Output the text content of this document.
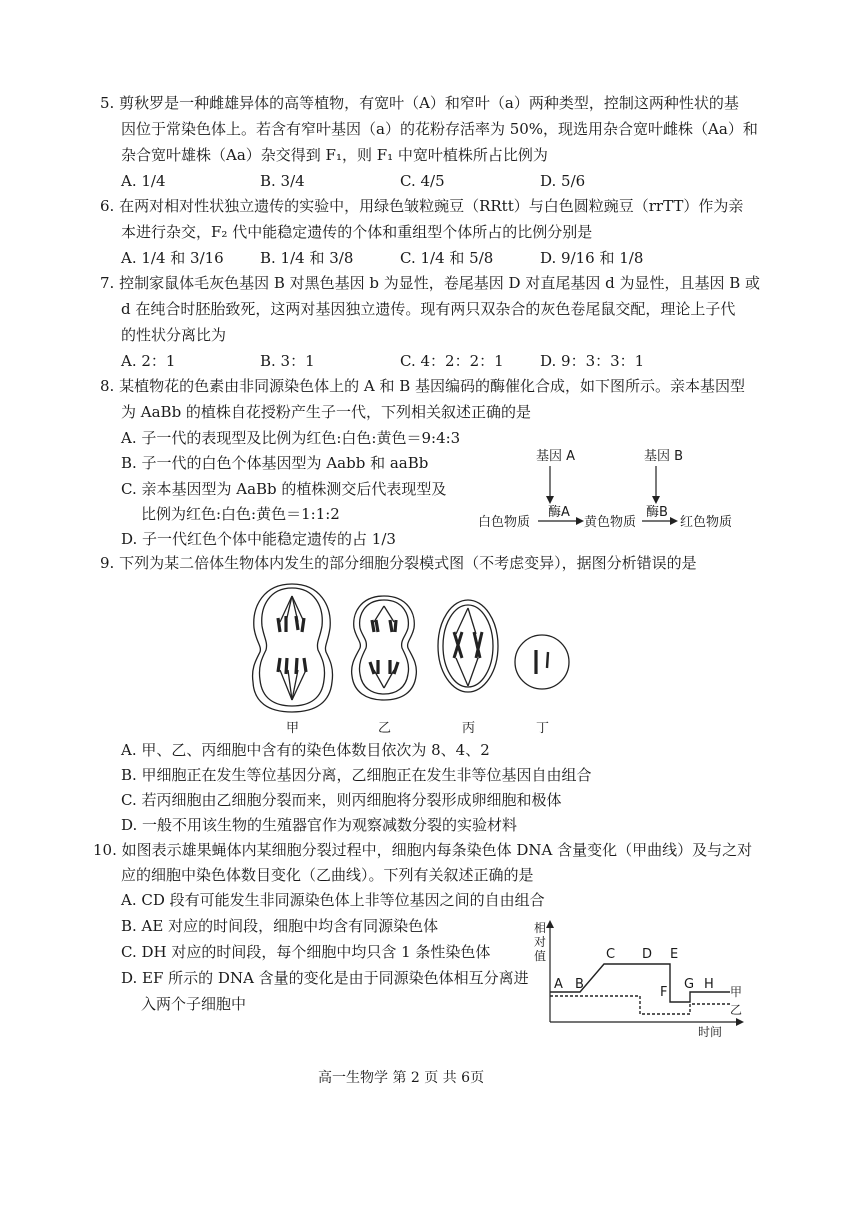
5. 剪秋罗是一种雌雄异体的高等植物，有宽叶（A）和窄叶（a）两种类型，控制这两种性状的基
因位于常染色体上。若含有窄叶基因（a）的花粉存活率为 50%，现选用杂合宽叶雌株（Aa）和
杂合宽叶雄株（Aa）杂交得到 F₁，则 F₁ 中宽叶植株所占比例为
A. 1/4	B. 3/4	C. 4/5	D. 5/6
6. 在两对相对性状独立遗传的实验中，用绿色皱粒豌豆（RRtt）与白色圆粒豌豆（rrTT）作为亲
本进行杂交，F₂ 代中能稳定遗传的个体和重组型个体所占的比例分别是
A. 1/4 和 3/16 B. 1/4 和 3/8	C. 1/4 和 5/8	D. 9/16 和 1/8
7. 控制家鼠体毛灰色基因 B 对黑色基因 b 为显性，卷尾基因 D 对直尾基因 d 为显性，且基因 B 或
d 在纯合时胚胎致死，这两对基因独立遗传。现有两只双杂合的灰色卷尾鼠交配，理论上子代
的性状分离比为
A. 2：1	B. 3：1	C. 4：2：2：1 D. 9：3：3：1
8. 某植物花的色素由非同源染色体上的 A 和 B 基因编码的酶催化合成，如下图所示。亲本基因型
为 AaBb 的植株自花授粉产生子一代，下列相关叙述正确的是
A. 子一代的表现型及比例为红色:白色:黄色＝9:4:3
B. 子一代的白色个体基因型为 Aabb 和 aaBb
C. 亲本基因型为 AaBb 的植株测交后代表现型及
比例为红色:白色:黄色＝1:1:2
D. 子一代红色个体中能稳定遗传的占 1/3
基因 A	基因 B
白色物质
酶A
黄色物质
酶B
红色物质
9. 下列为某二倍体生物体内发生的部分细胞分裂模式图（不考虑变异），据图分析错误的是
甲	乙	丙	丁
A. 甲、乙、丙细胞中含有的染色体数目依次为 8、4、2
B. 甲细胞正在发生等位基因分离，乙细胞正在发生非等位基因自由组合
C. 若丙细胞由乙细胞分裂而来，则丙细胞将分裂形成卵细胞和极体
D. 一般不用该生物的生殖器官作为观察减数分裂的实验材料
10. 如图表示雄果蝇体内某细胞分裂过程中，细胞内每条染色体 DNA 含量变化（甲曲线）及与之对
应的细胞中染色体数目变化（乙曲线）。下列有关叙述正确的是
A. CD 段有可能发生非同源染色体上非等位基因之间的自由组合
B. AE 对应的时间段，细胞中均含有同源染色体
C. DH 对应的时间段，每个细胞中均只含 1 条性染色体
D. EF 所示的 DNA 含量的变化是由于同源染色体相互分离进
入两个子细胞中
相
对
值
时间
A B
C D E
F
G H 甲
乙
高一生物学 第 2 页 共 6页
